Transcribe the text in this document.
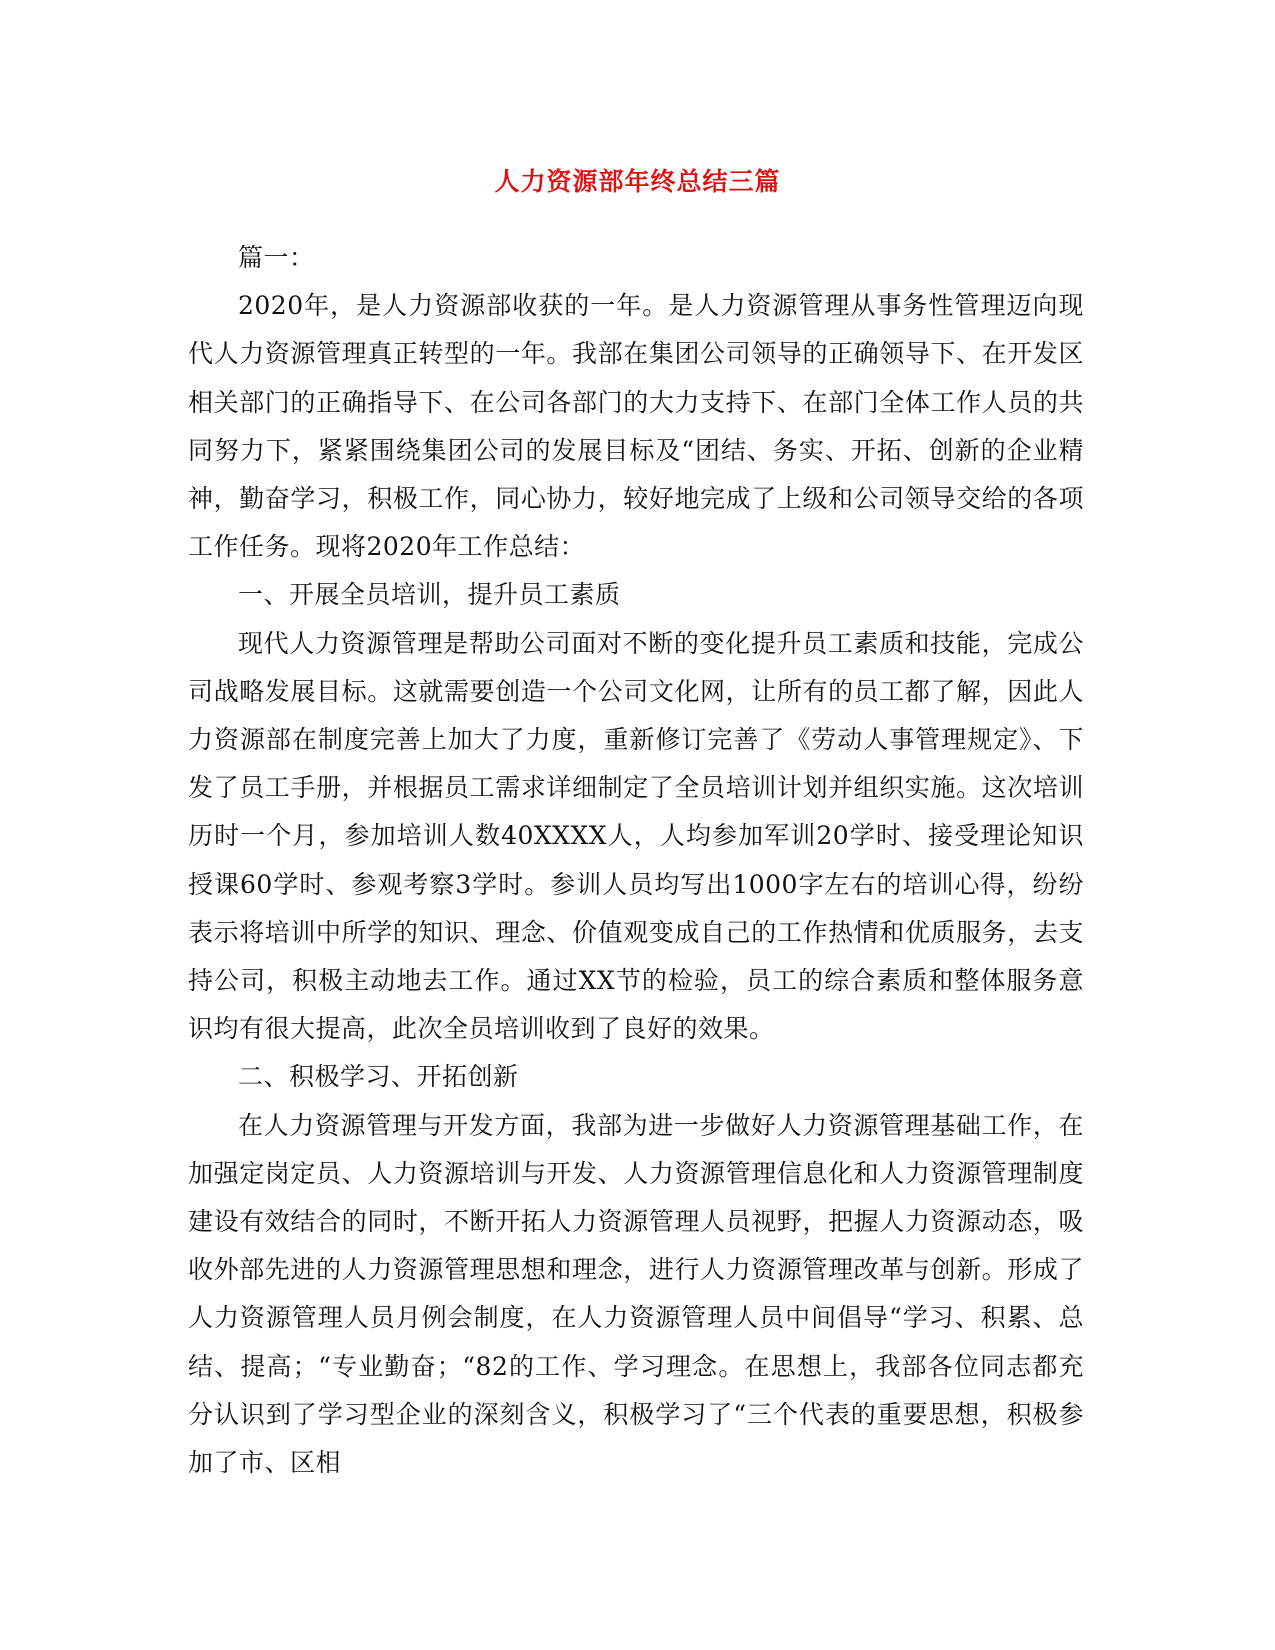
人力资源部年终总结三篇

篇一：

2020年，是人力资源部收获的一年。是人力资源管理从事务性管理迈向现代人力资源管理真正转型的一年。我部在集团公司领导的正确领导下、在开发区相关部门的正确指导下、在公司各部门的大力支持下、在部门全体工作人员的共同努力下，紧紧围绕集团公司的发展目标及“团结、务实、开拓、创新的企业精神，勤奋学习，积极工作，同心协力，较好地完成了上级和公司领导交给的各项工作任务。现将2020年工作总结：

一、开展全员培训，提升员工素质

现代人力资源管理是帮助公司面对不断的变化提升员工素质和技能，完成公司战略发展目标。这就需要创造一个公司文化网，让所有的员工都了解，因此人力资源部在制度完善上加大了力度，重新修订完善了《劳动人事管理规定》、下发了员工手册，并根据员工需求详细制定了全员培训计划并组织实施。这次培训历时一个月，参加培训人数40XXXX人，人均参加军训20学时、接受理论知识授课60学时、参观考察3学时。参训人员均写出1000字左右的培训心得，纷纷表示将培训中所学的知识、理念、价值观变成自己的工作热情和优质服务，去支持公司，积极主动地去工作。通过XX节的检验，员工的综合素质和整体服务意识均有很大提高，此次全员培训收到了良好的效果。

二、积极学习、开拓创新

在人力资源管理与开发方面，我部为进一步做好人力资源管理基础工作，在加强定岗定员、人力资源培训与开发、人力资源管理信息化和人力资源管理制度建设有效结合的同时，不断开拓人力资源管理人员视野，把握人力资源动态，吸收外部先进的人力资源管理思想和理念，进行人力资源管理改革与创新。形成了人力资源管理人员月例会制度，在人力资源管理人员中间倡导“学习、积累、总结、提高；“专业勤奋；“82的工作、学习理念。在思想上，我部各位同志都充分认识到了学习型企业的深刻含义，积极学习了“三个代表的重要思想，积极参加了市、区相
